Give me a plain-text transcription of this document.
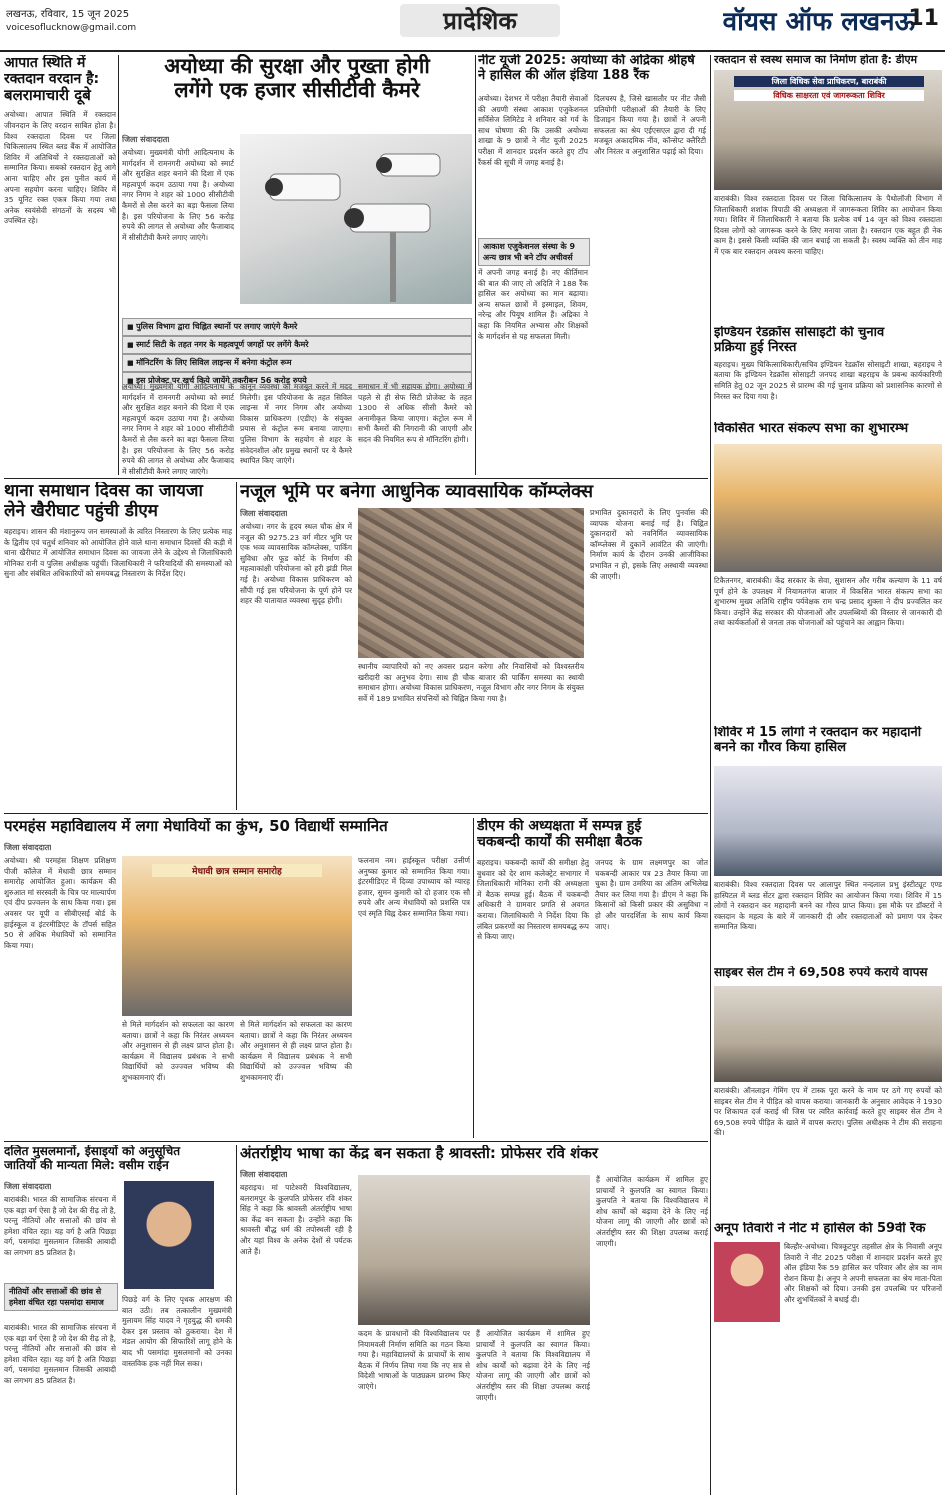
लखनऊ, रविवार, 15 जून 2025
voicesoflucknow@gmail.com	प्रादेशिक	वॉयस ऑफ लखनऊ
11
आपात स्थिति में
रक्तदान वरदान है:
बलरामाचारी दूबे
अयोध्या। आपात स्थिति में रक्तदान जीवनदान के लिए वरदान साबित होता है। विश्व रक्तदाता दिवस पर जिला चिकित्सालय स्थित ब्लड बैंक में आयोजित शिविर में अतिथियों ने रक्तदाताओं को सम्मानित किया। सबको रक्तदान हेतु आगे आना चाहिए और इस पुनीत कार्य में अपना सहयोग करना चाहिए। शिविर में 35 यूनिट रक्त एकत्र किया गया तथा अनेक स्वयंसेवी संगठनों के सदस्य भी उपस्थित रहे।
अयोध्या की सुरक्षा और पुख्ता होगी
लगेंगे एक हजार सीसीटीवी कैमरे
जिला संवाददाता
अयोध्या। मुख्यमंत्री योगी आदित्यनाथ के मार्गदर्शन में रामनगरी अयोध्या को स्मार्ट और सुरक्षित शहर बनाने की दिशा में एक महत्वपूर्ण कदम उठाया गया है। अयोध्या नगर निगम ने शहर को 1000 सीसीटीवी कैमरों से लैस करने का बड़ा फैसला लिया है। इस परियोजना के लिए 56 करोड़ रुपये की लागत से अयोध्या और फैजाबाद में सीसीटीवी कैमरे लगाए जाएंगे।
■ पुलिस विभाग द्वारा चिह्नित स्थानों पर लगाए जाएंगे कैमरे
■ स्मार्ट सिटी के तहत नगर के महत्वपूर्ण जगहों पर लगेंगे कैमरे
■ मॉनिटरिंग के लिए सिविल लाइन्स में बनेगा कंट्रोल रूम
■ इस प्रोजेक्ट पर खर्च किये जायेंगे तकरीबन 56 करोड़ रुपये
अयोध्या। मुख्यमंत्री योगी आदित्यनाथ के मार्गदर्शन में रामनगरी अयोध्या को स्मार्ट और सुरक्षित शहर बनाने की दिशा में एक महत्वपूर्ण कदम उठाया गया है। अयोध्या नगर निगम ने शहर को 1000 सीसीटीवी कैमरों से लैस करने का बड़ा फैसला लिया है। इस परियोजना के लिए 56 करोड़ रुपये की लागत से अयोध्या और फैजाबाद में सीसीटीवी कैमरे लगाए जाएंगे।
कानून व्यवस्था को मजबूत करने में मदद मिलेगी। इस परियोजना के तहत सिविल लाइन्स में नगर निगम और अयोध्या विकास प्राधिकरण (एडीए) के संयुक्त प्रयास से कंट्रोल रूम बनाया जाएगा। पुलिस विभाग के सहयोग से शहर के संवेदनशील और प्रमुख स्थानों पर ये कैमरे स्थापित किए जाएंगे।
समाधान में भी सहायक होगा। अयोध्या में पहले से ही सेफ सिटी प्रोजेक्ट के तहत 1300 से अधिक सीसी कैमरे को अनामीकृत किया जाएगा। कंट्रोल रूम में सभी कैमरों की निगरानी की जाएगी और सदन की नियमित रूप से मॉनिटरिंग होगी।
नीट यूजी 2025: अयोध्या की अद्रिका श्रीहर्ष ने हासिल की ऑल इंडिया 188 रैंक
अयोध्या। देशभर में परीक्षा तैयारी सेवाओं की अग्रणी संस्था आकाश एजुकेशनल सर्विसेज लिमिटेड ने शनिवार को गर्व के साथ घोषणा की कि उसकी अयोध्या शाखा के 9 छात्रों ने नीट यूजी 2025 परीक्षा में शानदार प्रदर्शन करते हुए टॉप रैंकर्स की सूची में जगह बनाई है।
दिलचस्प है, जिसे खासतौर पर नीट जैसी प्रतियोगी परीक्षाओं की तैयारी के लिए डिजाइन किया गया है। छात्रों ने अपनी सफलता का श्रेय एईएसएल द्वारा दी गई मजबूत अकादमिक नींव, कॉन्सेप्ट क्लैरिटी और निरंतर व अनुशासित पढ़ाई को दिया।
आकाश एजुकेशनल संस्था के 9 अन्य छात्र भी बने टॉप अचीवर्स
में अपनी जगह बनाई है। नए कीर्तिमान की बात की जाए तो अदिति ने 188 रैंक हासिल कर अयोध्या का मान बढ़ाया। अन्य सफल छात्रों में इस्माइल, शिवम, नरेन्द्र और पियूष शामिल हैं। अद्रिका ने कहा कि नियमित अभ्यास और शिक्षकों के मार्गदर्शन से यह सफलता मिली।
रक्तदान से स्वस्थ समाज का निर्माण होता है: डीएम
जिला विधिक सेवा प्राधिकरण, बाराबंकी
विधिक साक्षरता एवं जागरूकता शिविर
बाराबंकी। विश्व रक्तदाता दिवस पर जिला चिकित्सालय के पैथोलॉजी विभाग में जिलाधिकारी शशांक त्रिपाठी की अध्यक्षता में जागरूकता शिविर का आयोजन किया गया। शिविर में जिलाधिकारी ने बताया कि प्रत्येक वर्ष 14 जून को विश्व रक्तदाता दिवस लोगों को जागरूक करने के लिए मनाया जाता है। रक्तदान एक बहुत ही नेक काम है। इससे किसी व्यक्ति की जान बचाई जा सकती है। स्वस्थ व्यक्ति को तीन माह में एक बार रक्तदान अवश्य करना चाहिए।
इण्डियन रेडक्रॉस सोसाइटी की चुनाव
प्रक्रिया हुई निरस्त
बहराइच। मुख्य चिकित्साधिकारी/सचिव इण्डियन रेडक्रॉस सोसाइटी शाखा, बहराइच ने बताया कि इण्डियन रेडक्रॉस सोसाइटी जनपद शाखा बहराइच के प्रबन्ध कार्यकारिणी समिति हेतु 02 जून 2025 से प्रारम्भ की गई चुनाव प्रक्रिया को प्रशासनिक कारणों से निरस्त कर दिया गया है।
विकसित भारत संकल्प सभा का शुभारम्भ
टिकैतनगर, बाराबंकी। केंद्र सरकार के सेवा, सुशासन और गरीब कल्याण के 11 वर्ष पूर्ण होने के उपलक्ष्य में नियामतगंज बाजार में विकसित भारत संकल्प सभा का शुभारम्भ मुख्य अतिथि राष्ट्रीय पर्यवेक्षक राम चन्द्र प्रसाद शुक्ला ने दीप प्रज्वलित कर किया। उन्होंने केंद्र सरकार की योजनाओं और उपलब्धियों की विस्तार से जानकारी दी तथा कार्यकर्ताओं से जनता तक योजनाओं को पहुंचाने का आह्वान किया।
शिविर में 15 लोगों ने रक्तदान कर महादानी
बनने का गौरव किया हासिल
बाराबंकी। विश्व रक्तदाता दिवस पर आलापुर स्थित नन्दलाल प्रभु इंस्टीट्यूट एण्ड हास्पिटल में ब्लड सेंटर द्वारा रक्तदान शिविर का आयोजन किया गया। शिविर में 15 लोगों ने रक्तदान कर महादानी बनने का गौरव प्राप्त किया। इस मौके पर डॉक्टरों ने रक्तदान के महत्व के बारे में जानकारी दी और रक्तदाताओं को प्रमाण पत्र देकर सम्मानित किया।
साइबर सेल टीम ने 69,508 रुपये कराये वापस
बाराबंकी। ऑनलाइन गेमिंग एप में टास्क पूरा करने के नाम पर ठगे गए रुपयों को साइबर सेल टीम ने पीड़ित को वापस कराया। जानकारी के अनुसार आवेदक ने 1930 पर शिकायत दर्ज कराई थी जिस पर त्वरित कार्रवाई करते हुए साइबर सेल टीम ने 69,508 रुपये पीड़ित के खाते में वापस कराए। पुलिस अधीक्षक ने टीम की सराहना की।
अनूप तिवारी ने नीट में हासिल की 59वीं रैंक
बिल्हौर-अयोध्या। चित्रकूटपुर तहसील क्षेत्र के निवासी अनूप तिवारी ने नीट 2025 परीक्षा में शानदार प्रदर्शन करते हुए ऑल इंडिया रैंक 59 हासिल कर परिवार और क्षेत्र का नाम रोशन किया है। अनूप ने अपनी सफलता का श्रेय माता-पिता और शिक्षकों को दिया। उनकी इस उपलब्धि पर परिजनों और शुभचिंतकों ने बधाई दी।
थाना समाधान दिवस का जायजा
लेने खैरीघाट पहुंची डीएम
बहराइच। शासन की मंशानुरूप जन समस्याओं के त्वरित निस्तारण के लिए प्रत्येक माह के द्वितीय एवं चतुर्थ शनिवार को आयोजित होने वाले थाना समाधान दिवसों की कड़ी में थाना खैरीघाट में आयोजित समाधान दिवस का जायजा लेने के उद्देश्य से जिलाधिकारी मोनिका रानी व पुलिस अधीक्षक पहुंचीं। जिलाधिकारी ने फरियादियों की समस्याओं को सुना और संबंधित अधिकारियों को समयबद्ध निस्तारण के निर्देश दिए।
नजूल भूमि पर बनेगा आधुनिक व्यावसायिक कॉम्प्लेक्स
जिला संवाददाता
अयोध्या। नगर के हृदय स्थल चौक क्षेत्र में नजूल की 9275.23 वर्ग मीटर भूमि पर एक भव्य व्यावसायिक कॉम्प्लेक्स, पार्किंग सुविधा और फूड कोर्ट के निर्माण की महत्वाकांक्षी परियोजना को हरी झंडी मिल गई है। अयोध्या विकास प्राधिकरण को सौंपी गई इस परियोजना के पूर्ण होने पर शहर की यातायात व्यवस्था सुदृढ़ होगी।
स्थानीय व्यापारियों को नए अवसर प्रदान करेगा और निवासियों को विश्वस्तरीय खरीदारी का अनुभव देगा। साथ ही चौक बाजार की पार्किंग समस्या का स्थायी समाधान होगा। अयोध्या विकास प्राधिकरण, नजूल विभाग और नगर निगम के संयुक्त सर्वे में 189 प्रभावित संपत्तियों को चिह्नित किया गया है।
प्रभावित दुकानदारों के लिए पुनर्वास की व्यापक योजना बनाई गई है। चिह्नित दुकानदारों को नवनिर्मित व्यावसायिक कॉम्प्लेक्स में दुकानें आवंटित की जाएंगी। निर्माण कार्य के दौरान उनकी आजीविका प्रभावित न हो, इसके लिए अस्थायी व्यवस्था की जाएगी।
परमहंस महाविद्यालय में लगा मेधावियों का कुंभ, 50 विद्यार्थी सम्मानित
जिला संवाददाता
अयोध्या। श्री परमहंस शिक्षण प्रशिक्षण पीजी कॉलेज में मेधावी छात्र सम्मान समारोह आयोजित हुआ। कार्यक्रम की शुरुआत मां सरस्वती के चित्र पर माल्यार्पण एवं दीप प्रज्वलन के साथ किया गया। इस अवसर पर यूपी व सीबीएसई बोर्ड के हाईस्कूल व इंटरमीडिएट के टॉपर्स सहित 50 से अधिक मेधावियों को सम्मानित किया गया।
मेधावी छात्र सम्मान समारोह
से मिले मार्गदर्शन को सफलता का कारण बताया। छात्रों ने कहा कि निरंतर अध्ययन और अनुशासन से ही लक्ष्य प्राप्त होता है। कार्यक्रम में विद्यालय प्रबंधक ने सभी विद्यार्थियों को उज्ज्वल भविष्य की शुभकामनाएं दीं।
से मिले मार्गदर्शन को सफलता का कारण बताया। छात्रों ने कहा कि निरंतर अध्ययन और अनुशासन से ही लक्ष्य प्राप्त होता है। कार्यक्रम में विद्यालय प्रबंधक ने सभी विद्यार्थियों को उज्ज्वल भविष्य की शुभकामनाएं दीं।
फलनाम नम। हाईस्कूल परीक्षा उत्तीर्ण अनुष्का कुमार को सम्मानित किया गया। इंटरमीडिएट में दिव्या उपाध्याय को ग्यारह हजार, सुमन कुमारी को दो हजार एक सौ रुपये और अन्य मेधावियों को प्रशस्ति पत्र एवं स्मृति चिह्न देकर सम्मानित किया गया।
डीएम की अध्यक्षता में सम्पन्न हुई
चकबन्दी कार्यों की समीक्षा बैठक
बहराइच। चकबन्दी कार्यों की समीक्षा हेतु बुधवार को देर शाम कलेक्ट्रेट सभागार में जिलाधिकारी मोनिका रानी की अध्यक्षता में बैठक सम्पन्न हुई। बैठक में चकबन्दी अधिकारी ने ग्रामवार प्रगति से अवगत कराया। जिलाधिकारी ने निर्देश दिया कि लंबित प्रकरणों का निस्तारण समयबद्ध रूप से किया जाए।
जनपद के ग्राम लक्ष्मणपुर का जोत चकबन्दी आकार पत्र 23 तैयार किया जा चुका है। ग्राम उमरिया का अंतिम अभिलेख तैयार कर लिया गया है। डीएम ने कहा कि किसानों को किसी प्रकार की असुविधा न हो और पारदर्शिता के साथ कार्य किया जाए।
दलित मुसलमानों, ईसाइयों को अनुसूचित
जातियों की मान्यता मिले: वसीम राईन
जिला संवाददाता
बाराबंकी। भारत की सामाजिक संरचना में एक बड़ा वर्ग ऐसा है जो देश की रीढ़ तो है, परन्तु नीतियों और सत्ताओं की छांव से हमेशा वंचित रहा। यह वर्ग है अति पिछड़ा वर्ग, पसमांदा मुसलमान जिसकी आबादी का लगभग 85 प्रतिशत है।
नीतियों और सत्ताओं की छांव से हमेशा वंचित रहा पसमांदा समाज
बाराबंकी। भारत की सामाजिक संरचना में एक बड़ा वर्ग ऐसा है जो देश की रीढ़ तो है, परन्तु नीतियों और सत्ताओं की छांव से हमेशा वंचित रहा। यह वर्ग है अति पिछड़ा वर्ग, पसमांदा मुसलमान जिसकी आबादी का लगभग 85 प्रतिशत है।
पिछड़े वर्ग के लिए पृथक आरक्षण की बात उठी। तब तत्कालीन मुख्यमंत्री मुलायम सिंह यादव ने गृहयुद्ध की धमकी देकर इस प्रस्ताव को ठुकराया। देश में मंडल आयोग की सिफारिशें लागू होने के बाद भी पसमांदा मुसलमानों को उनका वास्तविक हक नहीं मिल सका।
अंतर्राष्ट्रीय भाषा का केंद्र बन सकता है श्रावस्ती: प्रोफेसर रवि शंकर
जिला संवाददाता
बहराइच। मां पाटेश्वरी विश्वविद्यालय, बलरामपुर के कुलपति प्रोफेसर रवि शंकर सिंह ने कहा कि श्रावस्ती अंतर्राष्ट्रीय भाषा का केंद्र बन सकता है। उन्होंने कहा कि श्रावस्ती बौद्ध धर्म की तपोस्थली रही है और यहां विश्व के अनेक देशों से पर्यटक आते हैं।
कदम के प्रावधानों की विश्वविद्यालय पर नियामवली निर्माण समिति का गठन किया गया है। महाविद्यालयों के प्राचार्यों के साथ बैठक में निर्णय लिया गया कि नए सत्र से विदेशी भाषाओं के पाठ्यक्रम प्रारम्भ किए जाएंगे।
हैं आयोजित कार्यक्रम में शामिल हुए प्राचार्यों ने कुलपति का स्वागत किया। कुलपति ने बताया कि विश्वविद्यालय में शोध कार्यों को बढ़ावा देने के लिए नई योजना लागू की जाएगी और छात्रों को अंतर्राष्ट्रीय स्तर की शिक्षा उपलब्ध कराई जाएगी।
हैं आयोजित कार्यक्रम में शामिल हुए प्राचार्यों ने कुलपति का स्वागत किया। कुलपति ने बताया कि विश्वविद्यालय में शोध कार्यों को बढ़ावा देने के लिए नई योजना लागू की जाएगी और छात्रों को अंतर्राष्ट्रीय स्तर की शिक्षा उपलब्ध कराई जाएगी।
